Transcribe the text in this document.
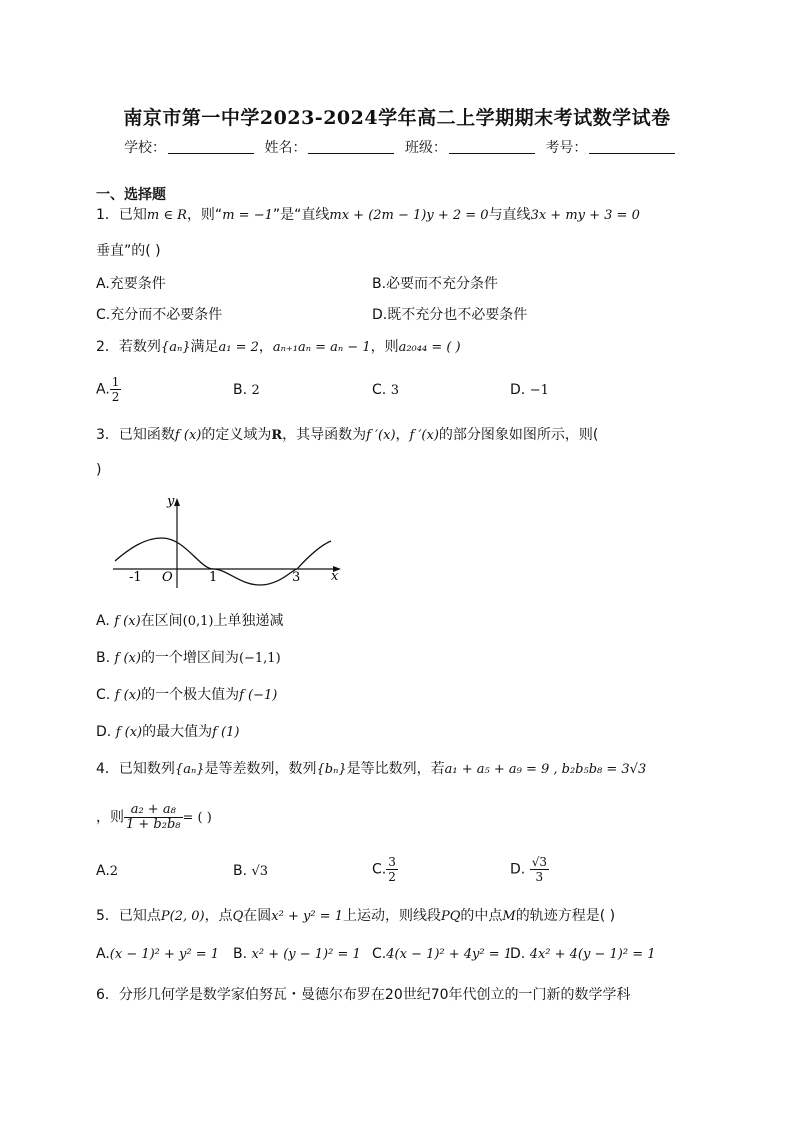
南京市第一中学2023-2024学年高二上学期期末考试数学试卷
学校：	姓名：	班级：	考号：
一、选择题
1．已知m ∈ R，则“m = −1”是“直线mx + (2m − 1)y + 2 = 0与直线3x + my + 3 = 0
垂直”的( )
A.充要条件	B.必要而不充分条件
C.充分而不必要条件	D.既不充分也不必要条件
2．若数列{aₙ}满足a₁ = 2，aₙ₊₁aₙ = aₙ − 1，则a₂₀₄₄ = ( )
A. $\frac{1}{2}$	B. 2	C. 3	D. −1
3．已知函数f (x)的定义域为R，其导函数为f ′(x)，f ′(x)的部分图象如图所示，则(
)
y
x
O
-1	1	3
A. f (x)在区间(0,1)上单独递减
B. f (x)的一个增区间为(−1,1)
C. f (x)的一个极大值为f (−1)
D. f (x)的最大值为f (1)
4．已知数列{aₙ}是等差数列，数列{bₙ}是等比数列，若a₁ + a₅ + a₉ = 9 , b₂b₅b₈ = 3√3
，则 $\frac{\text{a₂ + a₈}}{\text{1 + b₂b₈}}$ = ( )
A.2	B. √3	C. $\frac{3}{2}$	D. $\frac{√3}{3}$
5．已知点P(2, 0)，点Q在圆x² + y² = 1上运动，则线段PQ的中点M的轨迹方程是( )
A.(x − 1)² + y² = 1 B. x² + (y − 1)² = 1 C.4(x − 1)² + 4y² = 1
D. 4x² + 4(y − 1)² = 1
6．分形几何学是数学家伯努瓦・曼德尔布罗在20世纪70年代创立的一门新的数学学科
